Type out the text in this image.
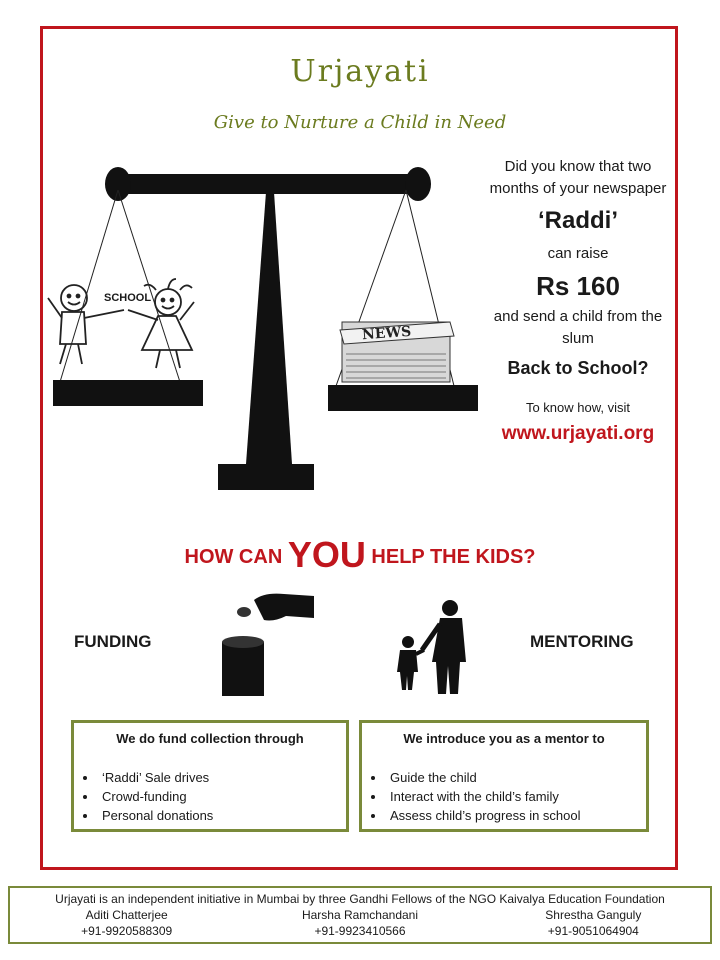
Urjayati
Give to Nurture a Child in Need
NEWS
SCHOOL
Did you know that two months of your newspaper
‘Raddi’
can raise
Rs 160
and send a child from the slum
Back to School?
To know how, visit
www.urjayati.org
HOW CAN YOU HELP THE KIDS?
FUNDING	MENTORING
We do fund collection through
• ‘Raddi’ Sale drives
• Crowd-funding
• Personal donations
We introduce you as a mentor to
• Guide the child
• Interact with the child’s family
• Assess child’s progress in school
Urjayati is an independent initiative in Mumbai by three Gandhi Fellows of the NGO Kaivalya Education Foundation
Aditi Chatterjee	Harsha Ramchandani	Shrestha Ganguly
+91-9920588309	+91-9923410566	+91-9051064904
